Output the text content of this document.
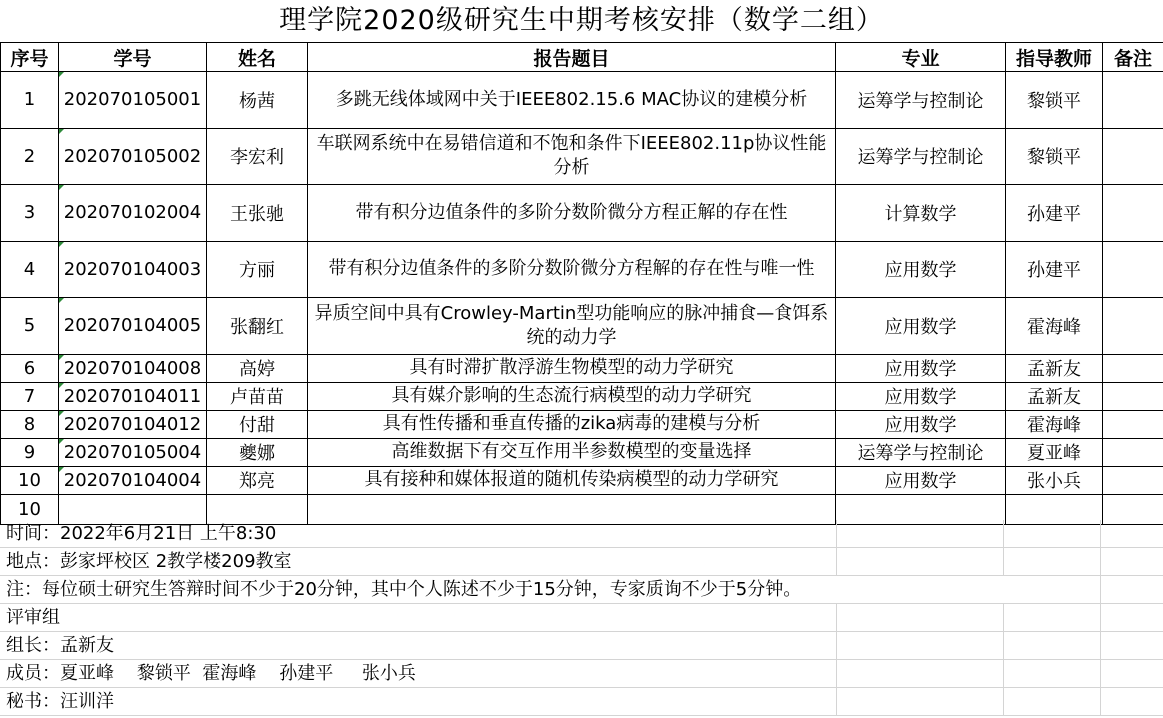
理学院2020级研究生中期考核安排（数学二组）
序号	学号	姓名	报告题目	专业	指导教师	备注
1	202070105001	杨茜	多跳无线体域网中关于IEEE802.15.6 MAC协议的建模分析	运筹学与控制论	黎锁平	
2	202070105002	李宏利	车联网系统中在易错信道和不饱和条件下IEEE802.11p协议性能分析	运筹学与控制论	黎锁平	
3	202070102004	王张驰	带有积分边值条件的多阶分数阶微分方程正解的存在性	计算数学	孙建平	
4	202070104003	方丽	带有积分边值条件的多阶分数阶微分方程解的存在性与唯一性	应用数学	孙建平	
5	202070104005	张翻红	异质空间中具有Crowley-Martin型功能响应的脉冲捕食—食饵系统的动力学	应用数学	霍海峰	
6	202070104008	高婷	具有时滞扩散浮游生物模型的动力学研究	应用数学	孟新友	
7	202070104011	卢苗苗	具有媒介影响的生态流行病模型的动力学研究	应用数学	孟新友	
8	202070104012	付甜	具有性传播和垂直传播的zika病毒的建模与分析	应用数学	霍海峰	
9	202070105004	夔娜	高维数据下有交互作用半参数模型的变量选择	运筹学与控制论	夏亚峰	
10	202070104004	郑亮	具有接种和媒体报道的随机传染病模型的动力学研究	应用数学	张小兵	
10						
时间：2022年6月21日 上午8:30
地点：彭家坪校区 2教学楼209教室
注：每位硕士研究生答辩时间不少于20分钟，其中个人陈述不少于15分钟，专家质询不少于5分钟。
评审组
组长：孟新友
成员：夏亚峰    黎锁平  霍海峰    孙建平     张小兵
秘书：汪训洋
